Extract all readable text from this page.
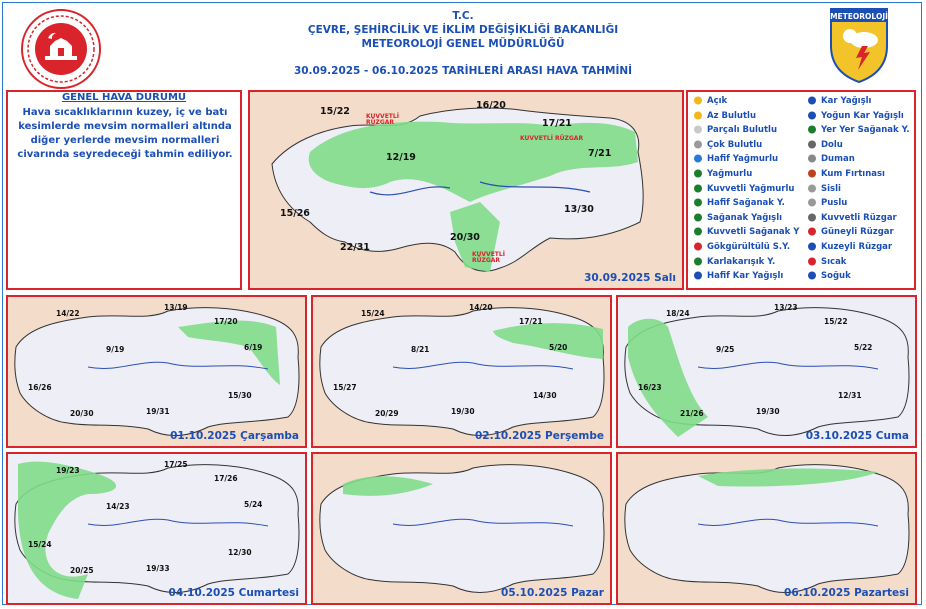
T.C.
ÇEVRE, ŞEHİRCİLİK VE İKLİM DEĞİŞİKLİĞİ BAKANLIĞI
METEOROLOJİ GENEL MÜDÜRLÜĞÜ
30.09.2025 - 06.10.2025 TARİHLERİ ARASI HAVA TAHMİNİ
METEOROLOJİ
GENEL HAVA DURUMU
Hava sıcaklıklarının kuzey, iç ve batı kesimlerde mevsim normalleri altında diğer yerlerde mevsim normalleri civarında seyredeceği tahmin ediliyor.
15/22
16/20
17/21
7/21
12/19
15/26	13/30
22/31
20/30
KUVVETLİ RÜZGAR
KUVVETLİ RÜZGAR
KUVVETLİ RÜZGAR
30.09.2025 Salı
Açık
Az Bulutlu
Parçalı Bulutlu
Çok Bulutlu
Hafif Yağmurlu
Yağmurlu
Kuvvetli Yağmurlu
Hafif Sağanak Y.
Sağanak Yağışlı
Kuvvetli Sağanak Y
Gökgürültülü S.Y.
Karlakarışık Y.
Hafif Kar Yağışlı
Kar Yağışlı
Yoğun Kar Yağışlı
Yer Yer Sağanak Y.
Dolu
Duman
Kum Fırtınası
Sisli
Puslu
Kuvvetli Rüzgar
Güneyli Rüzgar
Kuzeyli Rüzgar
Sıcak
Soğuk
14/22
13/19
17/20
9/19	6/19
16/26
15/30
20/30	19/31
01.10.2025 Çarşamba
15/24
14/20
17/21
8/21	5/20
15/27
14/30
20/29	19/30
02.10.2025 Perşembe
18/24
13/23
15/22
9/25	5/22
16/23
12/31
21/26	19/30
03.10.2025 Cuma
19/23
17/25
17/26
14/23	5/24
15/24
12/30
20/25	19/33
04.10.2025 Cumartesi	05.10.2025 Pazar	06.10.2025 Pazartesi
